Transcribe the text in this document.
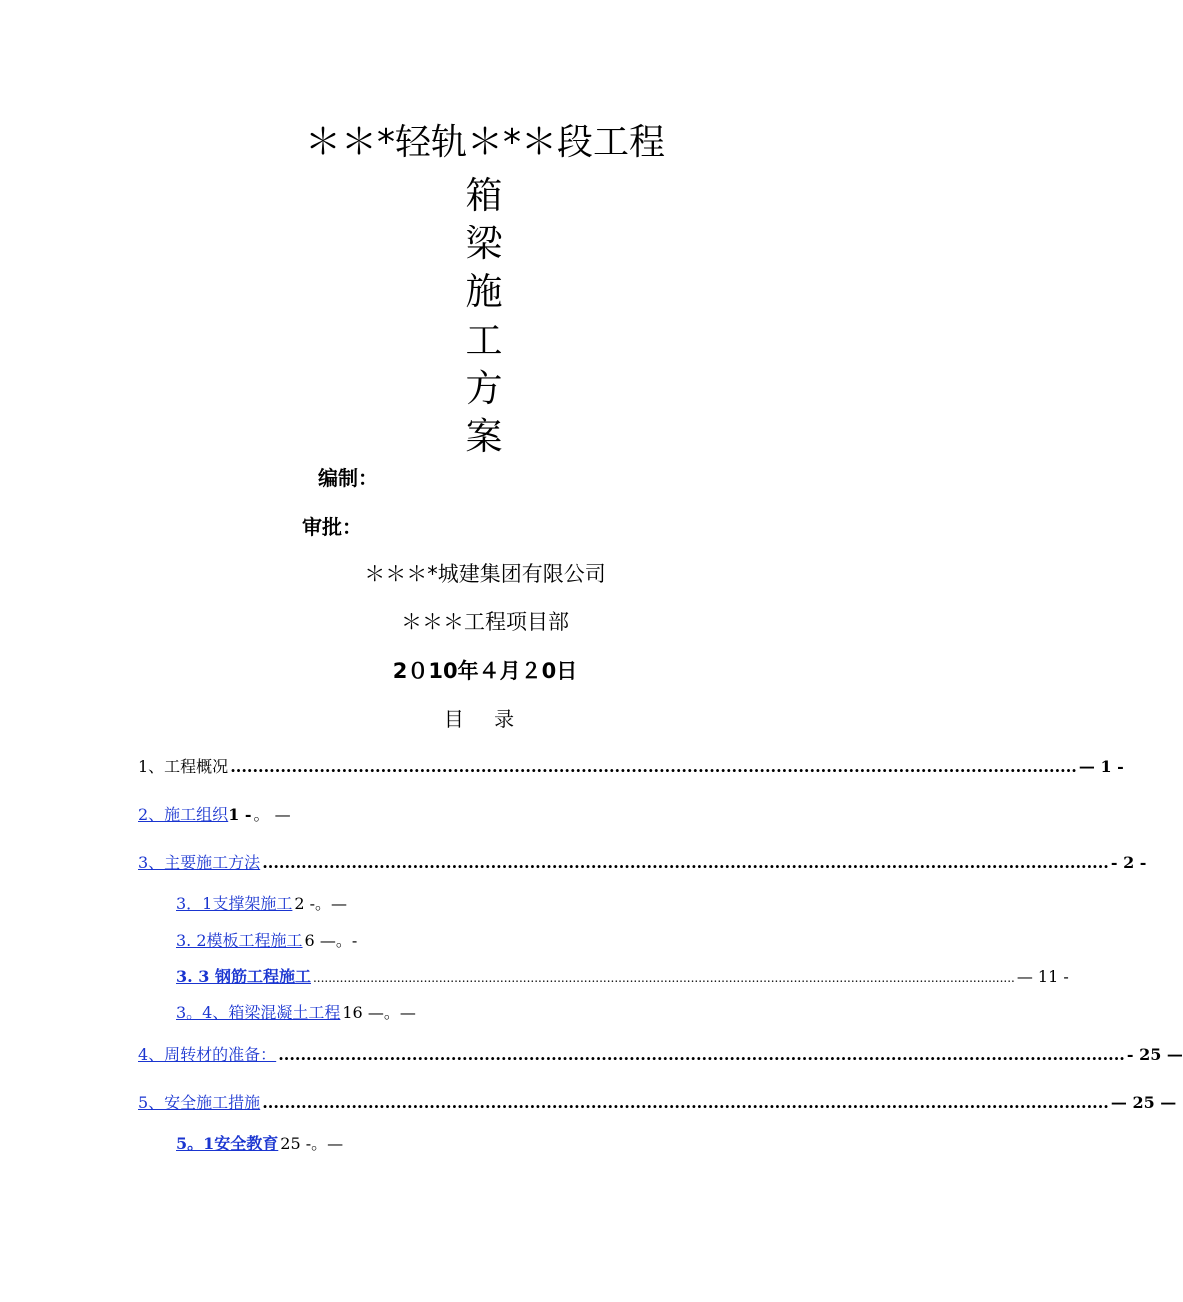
＊＊*轻轨＊*＊段工程
箱
梁
施
工
方
案
编制：
审批：
＊＊＊*城建集团有限公司
＊＊＊工程项目部
2０10年４月２0日
目 录
1、工程概况 ........................................................................................................................................................ — 1 -
2、施工组织 1 - 。 —
3、主要施工方法 ........................................................................................................................................................ - 2 -
3．1支撑架施工 2 -。—
3. 2模板工程施工 6 —。-
3. 3 钢筋工程施工 ........................................................................................................................................................................................ — 11 -
3。4、箱梁混凝土工程 16 —。—
4、周转材的准备： ........................................................................................................................................................ - 25 —
5、安全施工措施 ........................................................................................................................................................ — 25 —
5。1安全教育 25 -。—
